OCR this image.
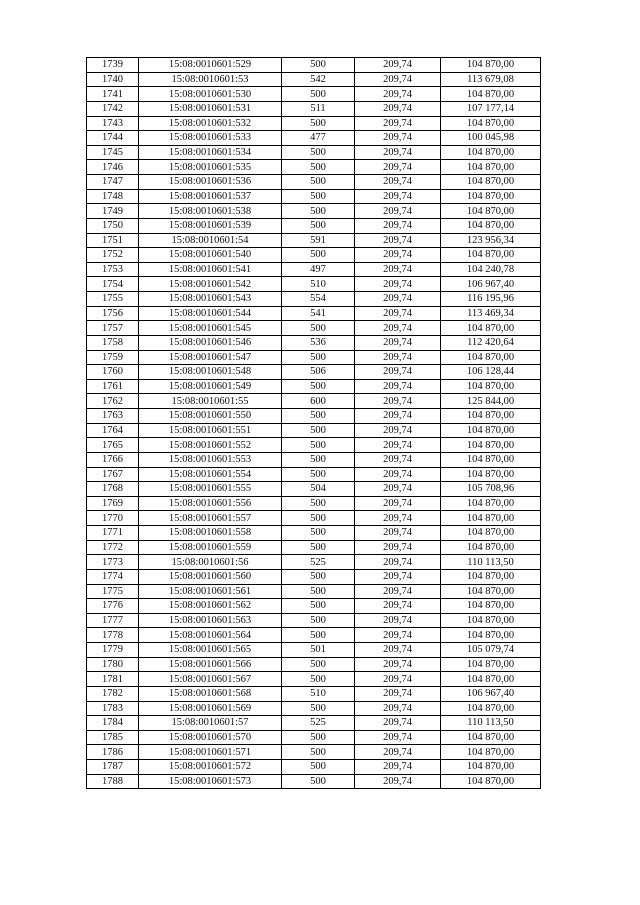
1739	15:08:0010601:529	500	209,74	104 870,00
1740	15:08:0010601:53	542	209,74	113 679,08
1741	15:08:0010601:530	500	209,74	104 870,00
1742	15:08:0010601:531	511	209,74	107 177,14
1743	15:08:0010601:532	500	209,74	104 870,00
1744	15:08:0010601:533	477	209,74	100 045,98
1745	15:08:0010601:534	500	209,74	104 870,00
1746	15:08:0010601:535	500	209,74	104 870,00
1747	15:08:0010601:536	500	209,74	104 870,00
1748	15:08:0010601:537	500	209,74	104 870,00
1749	15:08:0010601:538	500	209,74	104 870,00
1750	15:08:0010601:539	500	209,74	104 870,00
1751	15:08:0010601:54	591	209,74	123 956,34
1752	15:08:0010601:540	500	209,74	104 870,00
1753	15:08:0010601:541	497	209,74	104 240,78
1754	15:08:0010601:542	510	209,74	106 967,40
1755	15:08:0010601:543	554	209,74	116 195,96
1756	15:08:0010601:544	541	209,74	113 469,34
1757	15:08:0010601:545	500	209,74	104 870,00
1758	15:08:0010601:546	536	209,74	112 420,64
1759	15:08:0010601:547	500	209,74	104 870,00
1760	15:08:0010601:548	506	209,74	106 128,44
1761	15:08:0010601:549	500	209,74	104 870,00
1762	15:08:0010601:55	600	209,74	125 844,00
1763	15:08:0010601:550	500	209,74	104 870,00
1764	15:08:0010601:551	500	209,74	104 870,00
1765	15:08:0010601:552	500	209,74	104 870,00
1766	15:08:0010601:553	500	209,74	104 870,00
1767	15:08:0010601:554	500	209,74	104 870,00
1768	15:08:0010601:555	504	209,74	105 708,96
1769	15:08:0010601:556	500	209,74	104 870,00
1770	15:08:0010601:557	500	209,74	104 870,00
1771	15:08:0010601:558	500	209,74	104 870,00
1772	15:08:0010601:559	500	209,74	104 870,00
1773	15:08:0010601:56	525	209,74	110 113,50
1774	15:08:0010601:560	500	209,74	104 870,00
1775	15:08:0010601:561	500	209,74	104 870,00
1776	15:08:0010601:562	500	209,74	104 870,00
1777	15:08:0010601:563	500	209,74	104 870,00
1778	15:08:0010601:564	500	209,74	104 870,00
1779	15:08:0010601:565	501	209,74	105 079,74
1780	15:08:0010601:566	500	209,74	104 870,00
1781	15:08:0010601:567	500	209,74	104 870,00
1782	15:08:0010601:568	510	209,74	106 967,40
1783	15:08:0010601:569	500	209,74	104 870,00
1784	15:08:0010601:57	525	209,74	110 113,50
1785	15:08:0010601:570	500	209,74	104 870,00
1786	15:08:0010601:571	500	209,74	104 870,00
1787	15:08:0010601:572	500	209,74	104 870,00
1788	15:08:0010601:573	500	209,74	104 870,00
